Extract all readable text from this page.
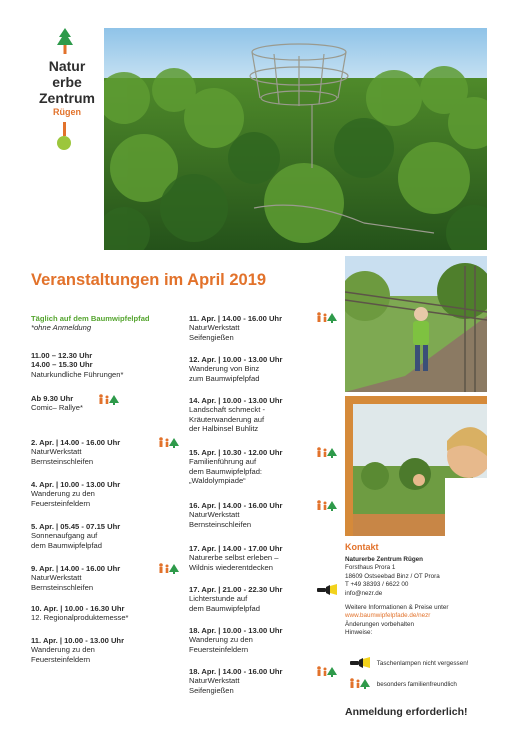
Natur
erbe
Zentrum
Rügen
Veranstaltungen im April 2019
Täglich auf dem Baumwipfelpfad
*ohne Anmeldung
11.00 – 12.30 Uhr
14.00 – 15.30 Uhr
Naturkundliche Führungen*
Ab 9.30 Uhr
Comic– Rallye*
2. Apr. | 14.00 - 16.00 Uhr
NaturWerkstatt
Bernsteinschleifen
4. Apr. | 10.00 - 13.00 Uhr
Wanderung zu den
Feuersteinfeldern
5. Apr. | 05.45 - 07.15 Uhr
Sonnenaufgang auf
dem Baumwipfelpfad
9. Apr. | 14.00 - 16.00 Uhr
NaturWerkstatt
Bernsteinschleifen
10. Apr. | 10.00 - 16.30 Uhr
12. Regionalproduktemesse*
11. Apr. | 10.00 - 13.00 Uhr
Wanderung zu den
Feuersteinfeldern
11. Apr. | 14.00 - 16.00 Uhr
NaturWerkstatt
Seifengießen
12. Apr. | 10.00 - 13.00 Uhr
Wanderung von Binz
zum Baumwipfelpfad
14. Apr. | 10.00 - 13.00 Uhr
Landschaft schmeckt -
Kräuterwanderung auf
der Halbinsel Buhlitz
15. Apr. | 10.30 - 12.00 Uhr
Familienführung auf
dem Baumwipfelpfad:
„Waldolympiade“
16. Apr. | 14.00 - 16.00 Uhr
NaturWerkstatt
Bernsteinschleifen
17. Apr. | 14.00 - 17.00 Uhr
Naturerbe selbst erleben –
Wildnis wiederentdecken
17. Apr. | 21.00 - 22.30 Uhr
Lichterstunde auf
dem Baumwipfelpfad
18. Apr. | 10.00 - 13.00 Uhr
Wanderung zu den
Feuersteinfeldern
18. Apr. | 14.00 - 16.00 Uhr
NaturWerkstatt
Seifengießen
Kontakt
Naturerbe Zentrum Rügen
Forsthaus Prora 1
18609 Ostseebad Binz / OT Prora
T +49 38393 / 6622 00
info@nezr.de
Weitere Informationen & Preise unter
www.baumwipfelpfade.de/nezr
Änderungen vorbehalten
Hinweise:
Taschenlampen nicht vergessen!
besonders familienfreundlich
Anmeldung erforderlich!
